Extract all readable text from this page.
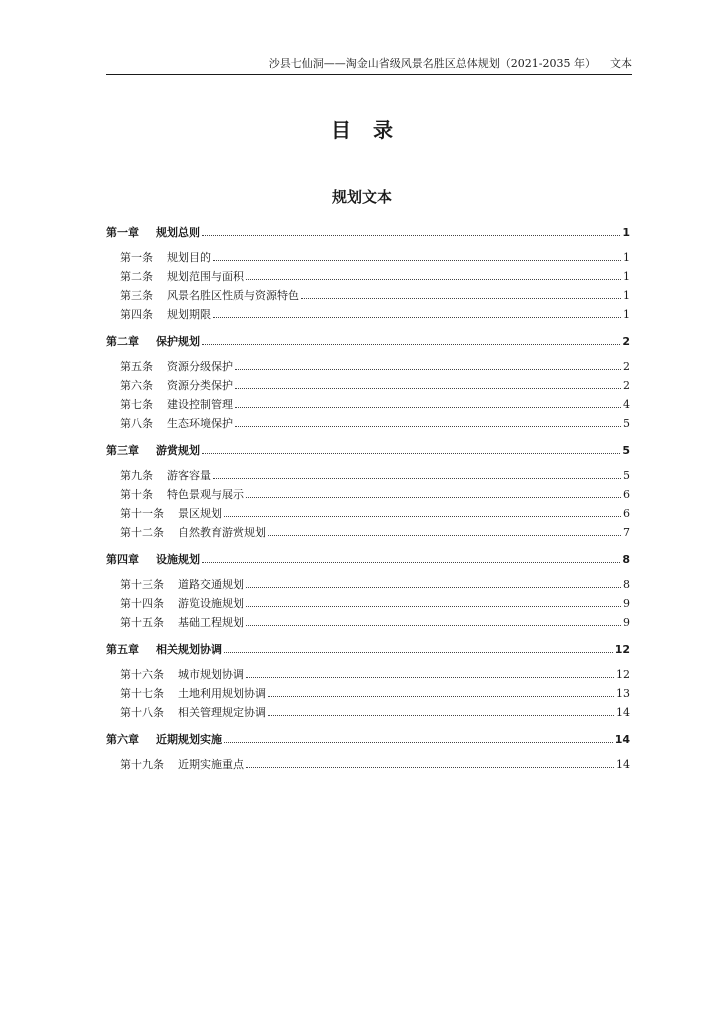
沙县七仙洞——淘金山省级风景名胜区总体规划（2021-2035 年） 文本
目录
规划文本
第一章 规划总则	1
第一条 规划目的	1
第二条 规划范围与面积	1
第三条 风景名胜区性质与资源特色	1
第四条 规划期限	1
第二章 保护规划	2
第五条 资源分级保护	2
第六条 资源分类保护	2
第七条 建设控制管理	4
第八条 生态环境保护	5
第三章 游赏规划	5
第九条 游客容量	5
第十条 特色景观与展示	6
第十一条 景区规划	6
第十二条 自然教育游赏规划	7
第四章 设施规划	8
第十三条 道路交通规划	8
第十四条 游览设施规划	9
第十五条 基础工程规划	9
第五章 相关规划协调	12
第十六条 城市规划协调	12
第十七条 土地利用规划协调	13
第十八条 相关管理规定协调	14
第六章 近期规划实施	14
第十九条 近期实施重点	14
